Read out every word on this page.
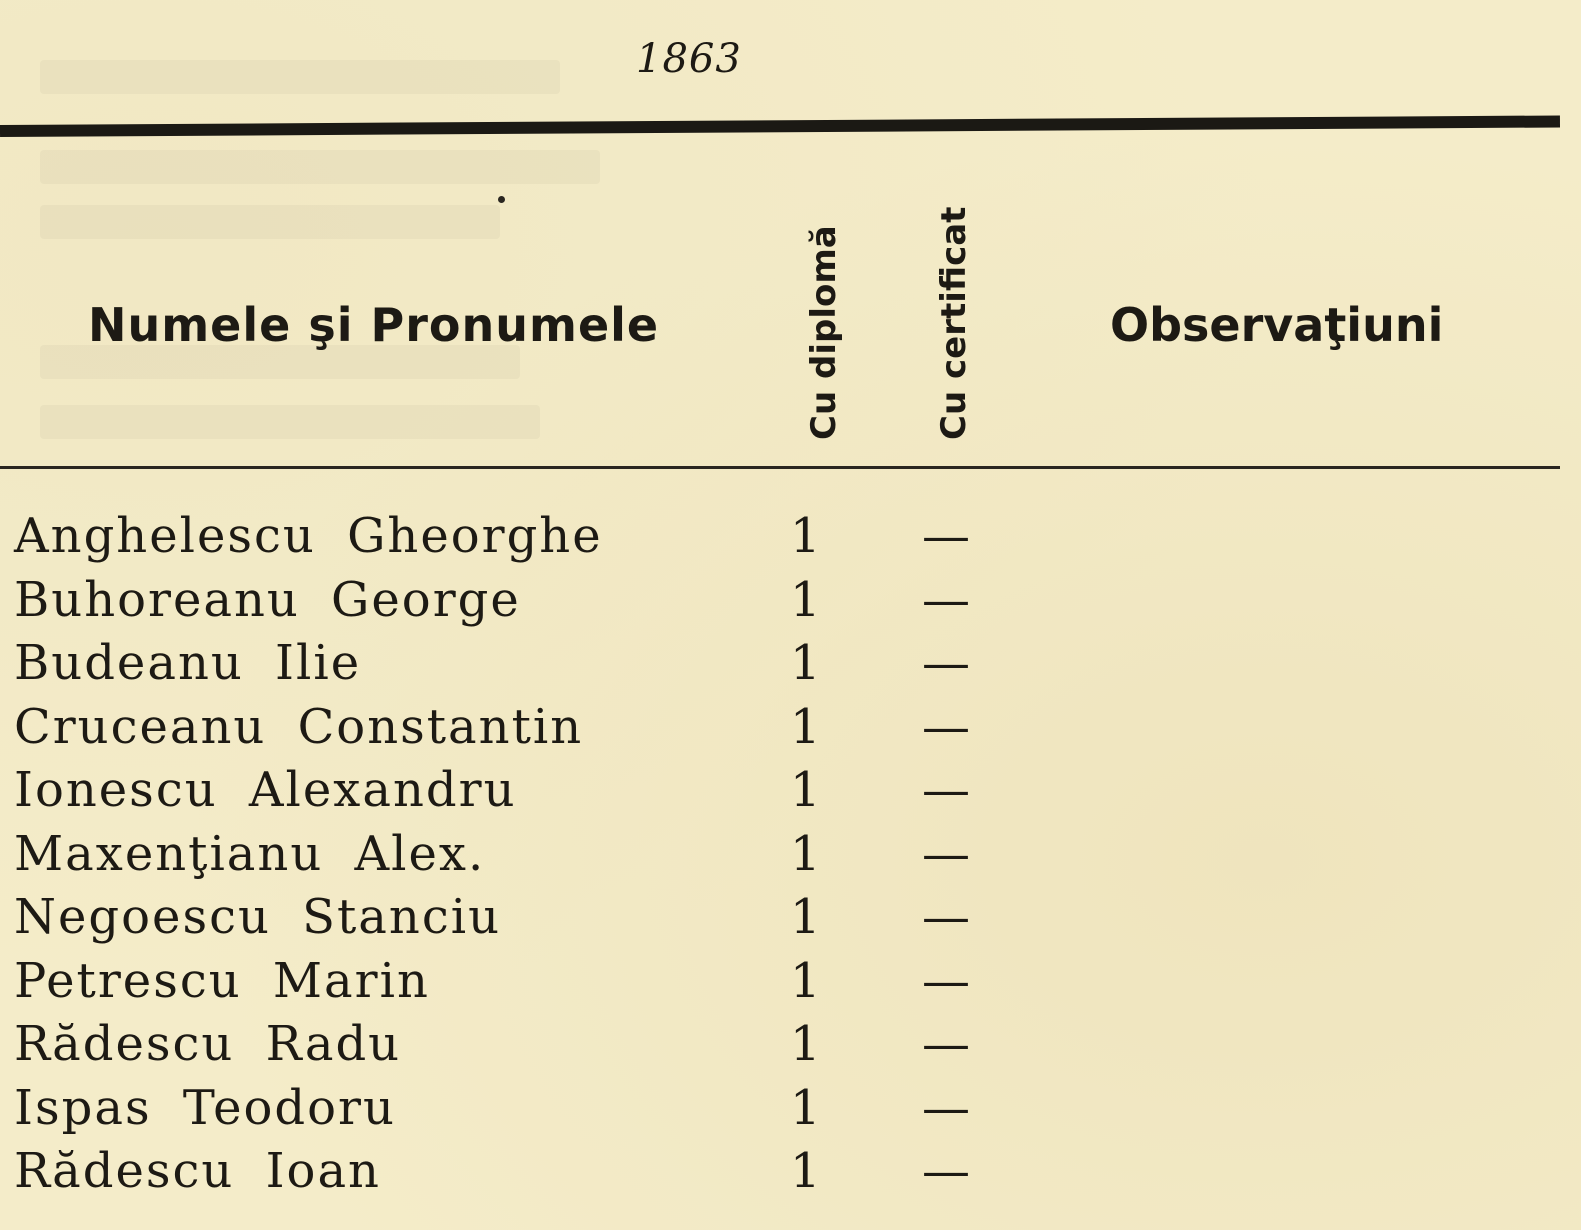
1863
Numele şi Pronumele	Cu diplomă	Cu certificat	Observaţiuni
Anghelescu Gheorghe	1 —
Buhoreanu George	1 —
Budeanu Ilie	1 —
Cruceanu Constantin	1 —
Ionescu Alexandru	1 —
Maxenţianu Alex.	1 —
Negoescu Stanciu	1 —
Petrescu Marin	1 —
Rădescu Radu	1 —
Ispas Teodoru	1 —
Rădescu Ioan	1 —
